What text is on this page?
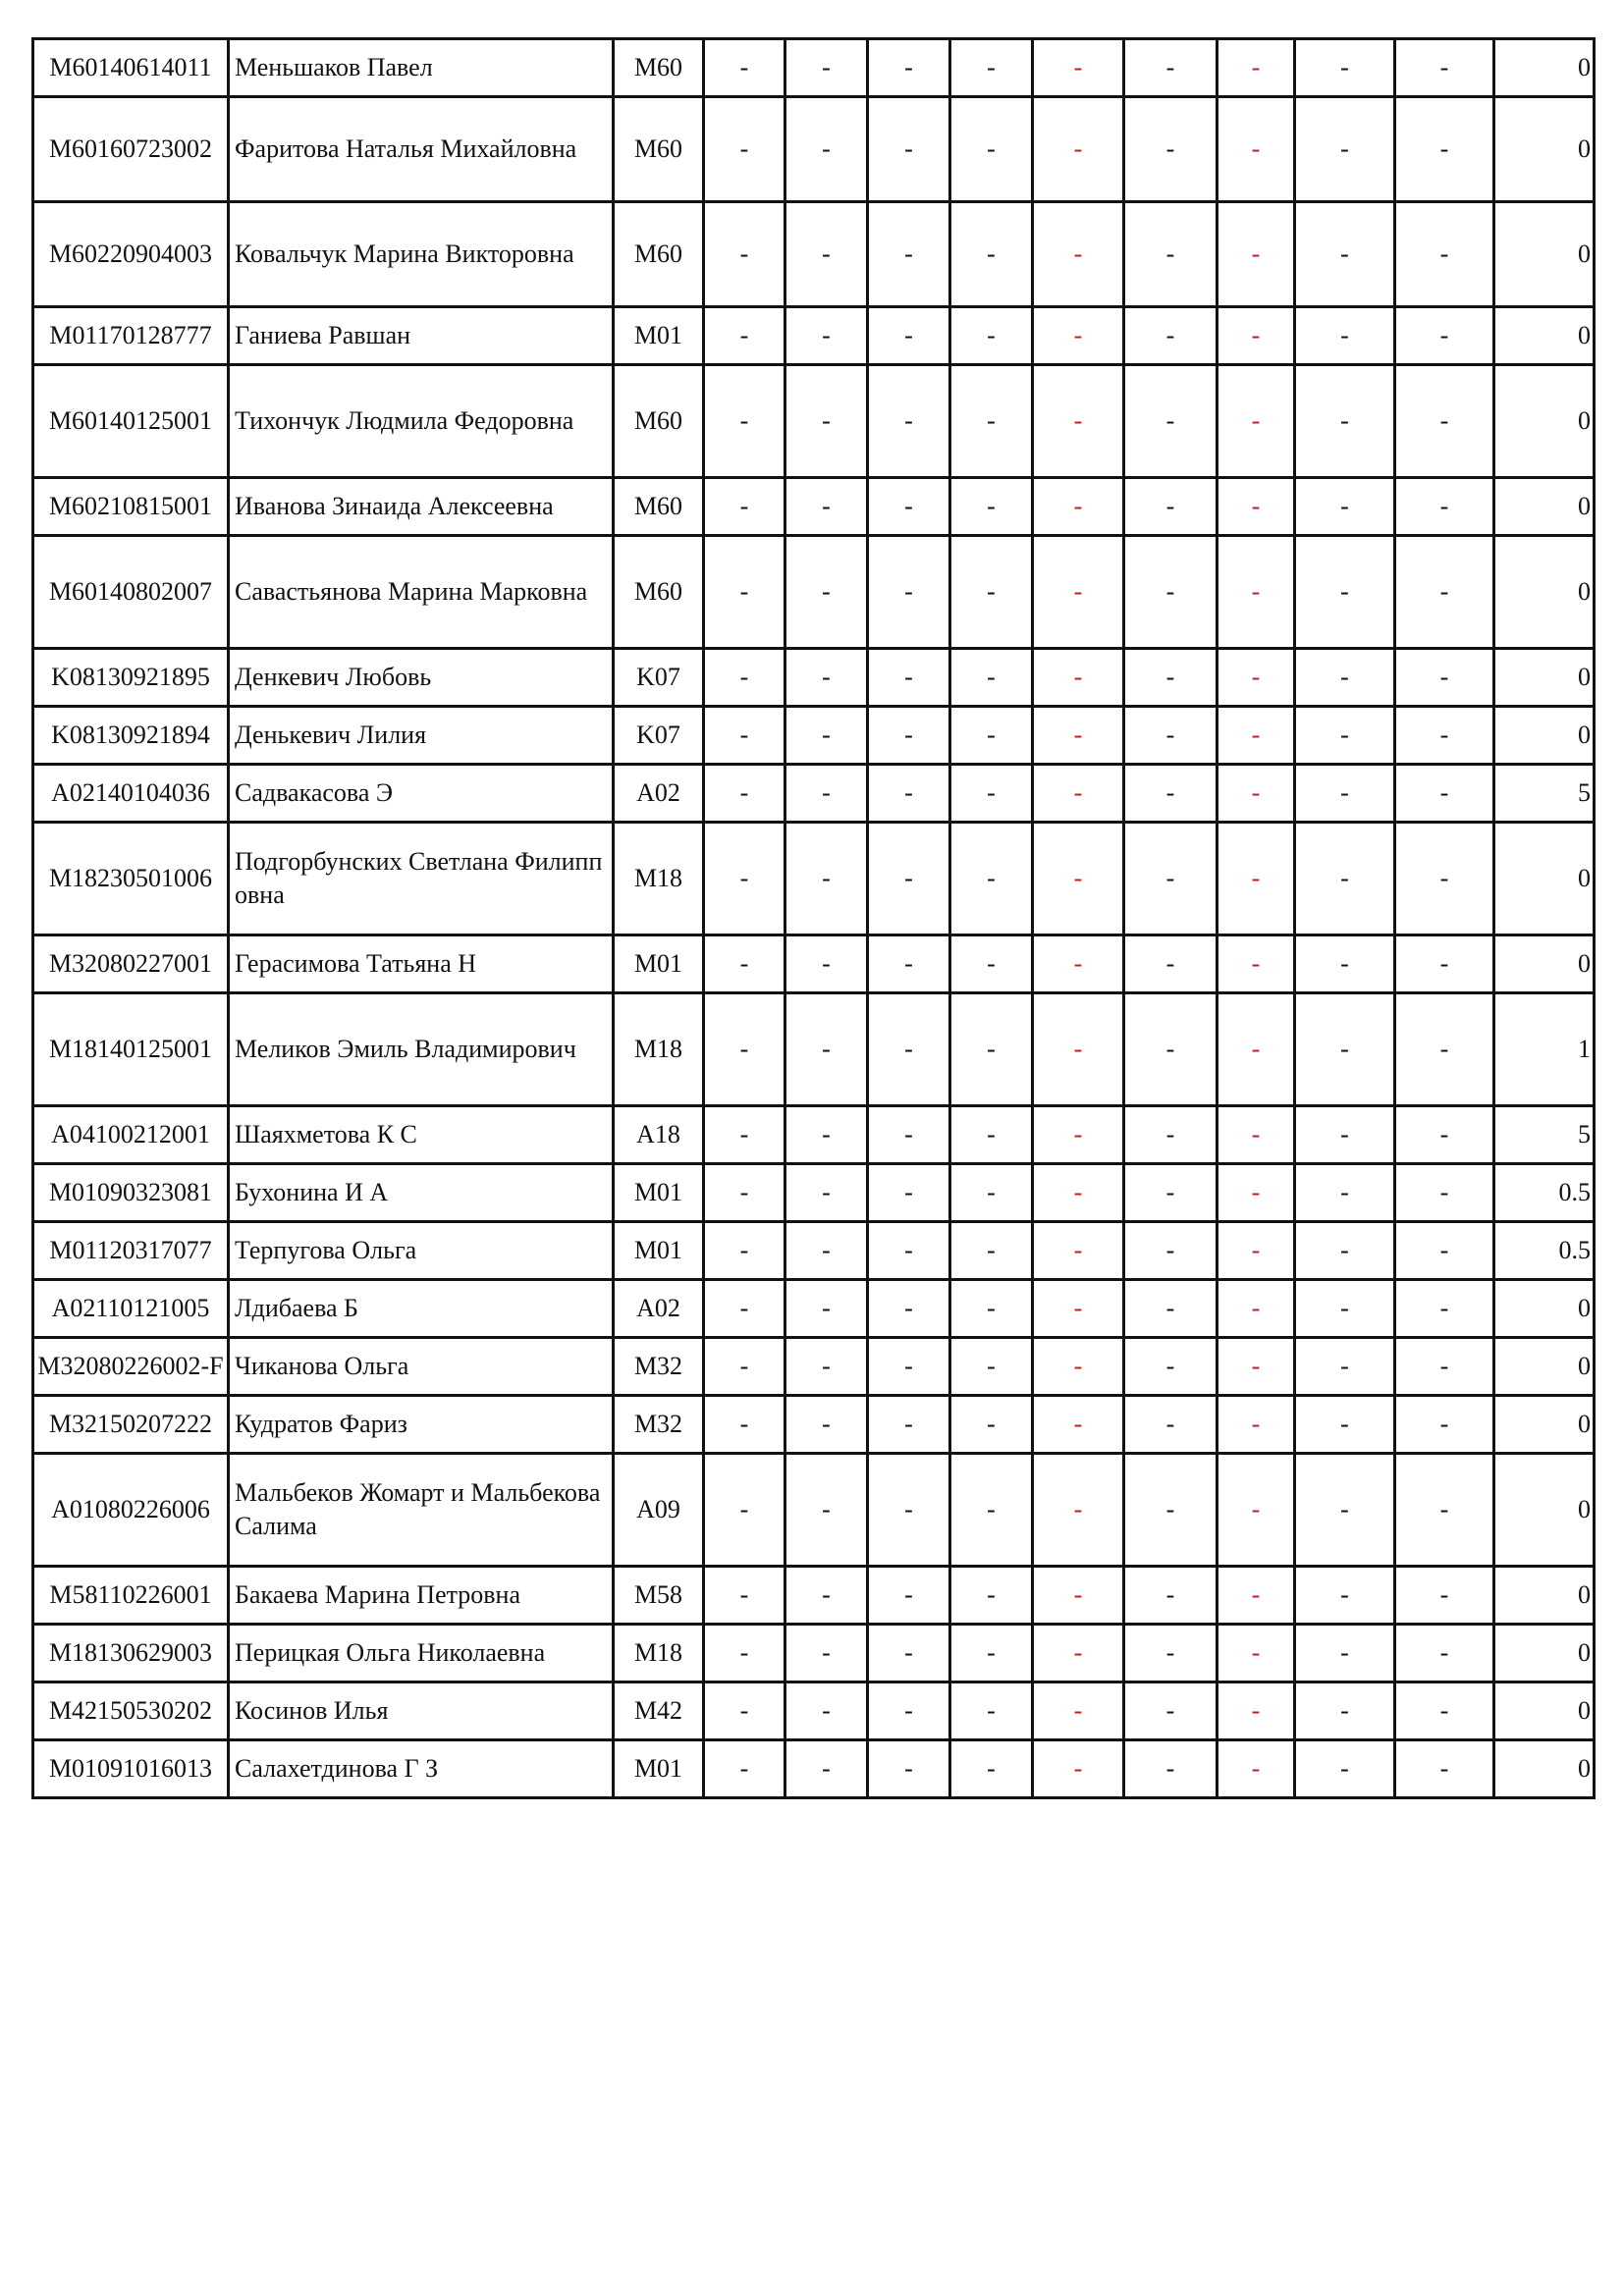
M60140614011	Меньшаков Павел	M60	-	-	-	-	-	-	-	-	-	0
M60160723002	Фаритова Наталья Михайловна	M60	-	-	-	-	-	-	-	-	-	0
M60220904003	Ковальчук Марина Викторовна	M60	-	-	-	-	-	-	-	-	-	0
M01170128777	Ганиева Равшан	M01	-	-	-	-	-	-	-	-	-	0
M60140125001	Тихончук Людмила Федоровна	M60	-	-	-	-	-	-	-	-	-	0
M60210815001	Иванова Зинаида Алексеевна	M60	-	-	-	-	-	-	-	-	-	0
M60140802007	Савастьянова Марина Марковна	M60	-	-	-	-	-	-	-	-	-	0
K08130921895	Денкевич Любовь	K07	-	-	-	-	-	-	-	-	-	0
K08130921894	Денькевич Лилия	K07	-	-	-	-	-	-	-	-	-	0
A02140104036	Садвакасова Э	A02	-	-	-	-	-	-	-	-	-	5
M18230501006	Подгорбунских Светлана Филипповна	M18	-	-	-	-	-	-	-	-	-	0
M32080227001	Герасимова Татьяна Н	M01	-	-	-	-	-	-	-	-	-	0
M18140125001	Меликов Эмиль Владимирович	M18	-	-	-	-	-	-	-	-	-	1
A04100212001	Шаяхметова К С	A18	-	-	-	-	-	-	-	-	-	5
M01090323081	Бухонина И А	M01	-	-	-	-	-	-	-	-	-	0.5
M01120317077	Терпугова Ольга	M01	-	-	-	-	-	-	-	-	-	0.5
A02110121005	Лдибаева Б	A02	-	-	-	-	-	-	-	-	-	0
M32080226002-F	Чиканова Ольга	M32	-	-	-	-	-	-	-	-	-	0
M32150207222	Кудратов Фариз	M32	-	-	-	-	-	-	-	-	-	0
A01080226006	Мальбеков Жомарт и Мальбекова Салима	A09	-	-	-	-	-	-	-	-	-	0
M58110226001	Бакаева Марина Петровна	M58	-	-	-	-	-	-	-	-	-	0
M18130629003	Перицкая Ольга Николаевна	M18	-	-	-	-	-	-	-	-	-	0
M42150530202	Косинов Илья	M42	-	-	-	-	-	-	-	-	-	0
M01091016013	Салахетдинова Г З	M01	-	-	-	-	-	-	-	-	-	0
